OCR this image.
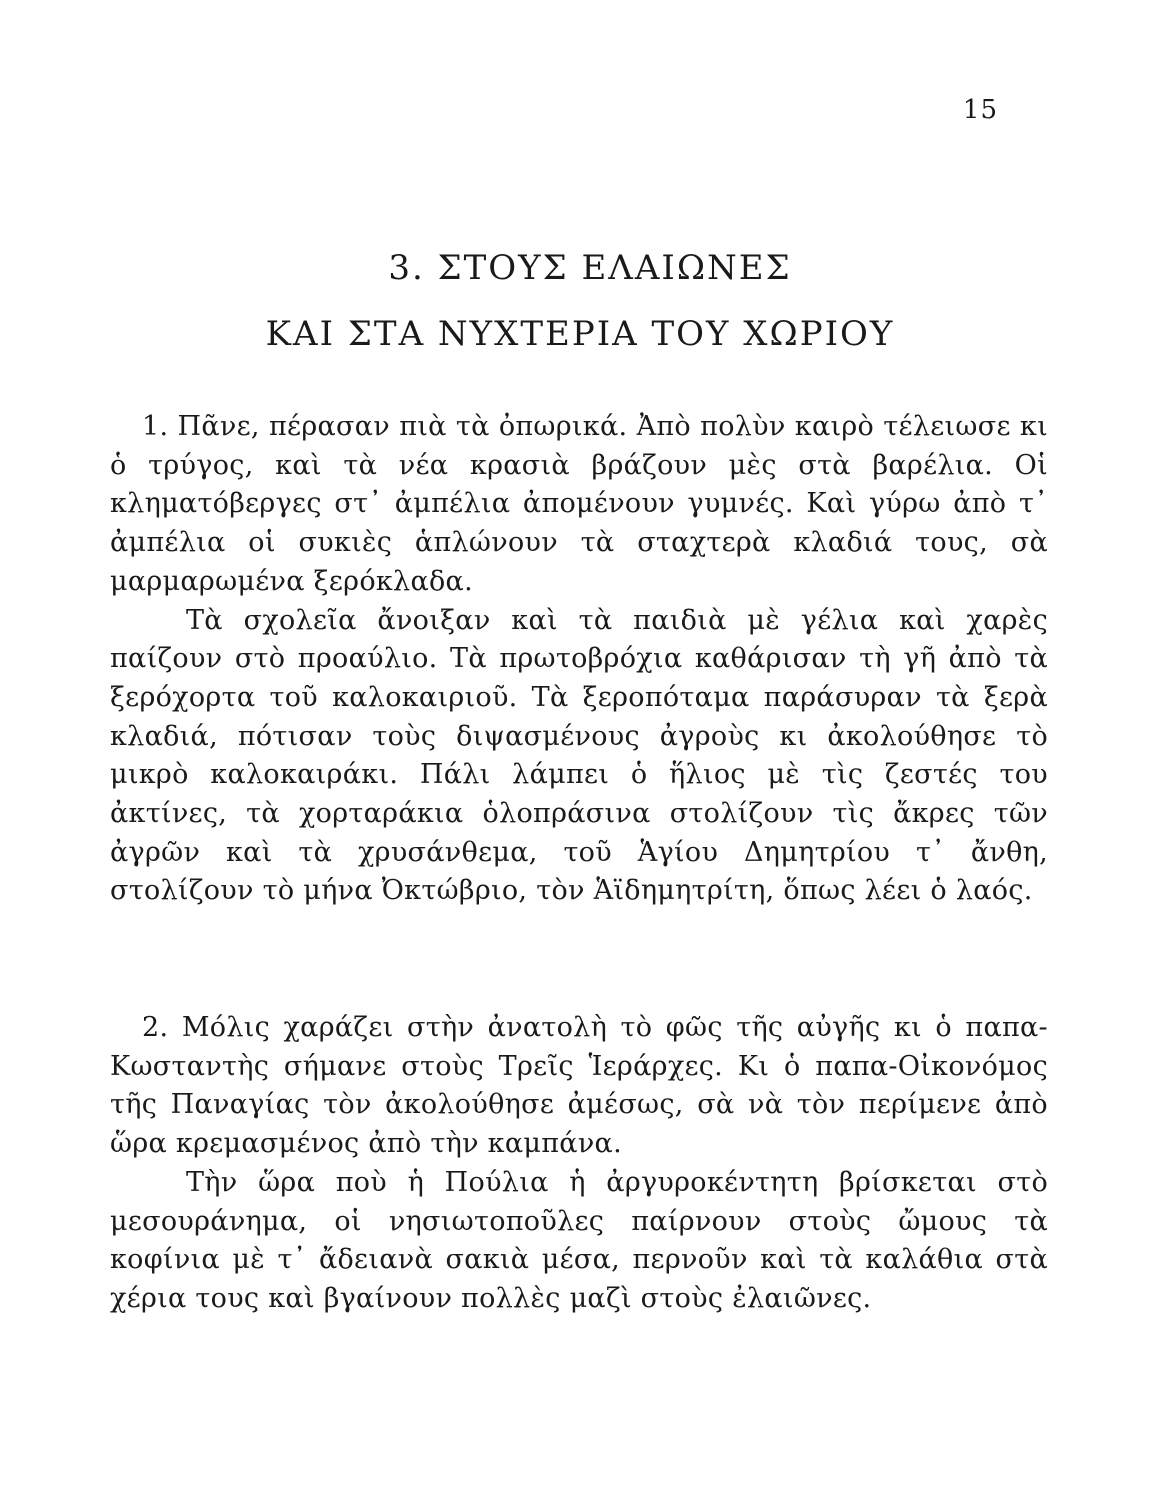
15
3. ΣΤΟΥΣ ΕΛΑΙΩΝΕΣ
ΚΑΙ ΣΤΑ ΝΥΧΤΕΡΙΑ ΤΟΥ ΧΩΡΙΟΥ

1. Πᾶνε, πέρασαν πιὰ τὰ ὀπωρικά. Ἀπὸ πολὺν καιρὸ τέλειωσε κι ὁ τρύγος, καὶ τὰ νέα κρασιὰ βράζουν μὲς στὰ βαρέλια. Οἱ κληματόβεργες στ᾿ ἀμπέλια ἀπομένουν γυμνές. Καὶ γύρω ἀπὸ τ᾿ ἀμπέλια οἱ συκιὲς ἁπλώνουν τὰ σταχτερὰ κλαδιά τους, σὰ μαρμαρωμένα ξερόκλαδα.

Τὰ σχολεῖα ἄνοιξαν καὶ τὰ παιδιὰ μὲ γέλια καὶ χαρὲς παίζουν στὸ προαύλιο. Τὰ πρωτοβρόχια καθάρισαν τὴ γῆ ἀπὸ τὰ ξερόχορτα τοῦ καλοκαιριοῦ. Τὰ ξεροπόταμα παράσυραν τὰ ξερὰ κλαδιά, πότισαν τοὺς διψασμένους ἀγροὺς κι ἀκολούθησε τὸ μικρὸ καλοκαιράκι. Πάλι λάμπει ὁ ἥλιος μὲ τὶς ζεστές του ἀκτίνες, τὰ χορταράκια ὁλοπράσινα στολίζουν τὶς ἄκρες τῶν ἀγρῶν καὶ τὰ χρυσάνθεμα, τοῦ Ἁγίου Δημητρίου τ᾿ ἄνθη, στολίζουν τὸ μήνα Ὀκτώβριο, τὸν Ἁϊδημητρίτη, ὅπως λέει ὁ λαός.

2. Μόλις χαράζει στὴν ἀνατολὴ τὸ φῶς τῆς αὐγῆς κι ὁ παπα-Κωσταντὴς σήμανε στοὺς Τρεῖς Ἱεράρχες. Κι ὁ παπα-Οἰκονόμος τῆς Παναγίας τὸν ἀκολούθησε ἀμέσως, σὰ νὰ τὸν περίμενε ἀπὸ ὥρα κρεμασμένος ἀπὸ τὴν καμπάνα.

Τὴν ὥρα ποὺ ἡ Πούλια ἡ ἀργυροκέντητη βρίσκεται στὸ μεσουράνημα, οἱ νησιωτοποῦλες παίρνουν στοὺς ὤμους τὰ κοφίνια μὲ τ᾿ ἄδειανὰ σακιὰ μέσα, περνοῦν καὶ τὰ καλάθια στὰ χέρια τους καὶ βγαίνουν πολλὲς μαζὶ στοὺς ἐλαιῶνες.
